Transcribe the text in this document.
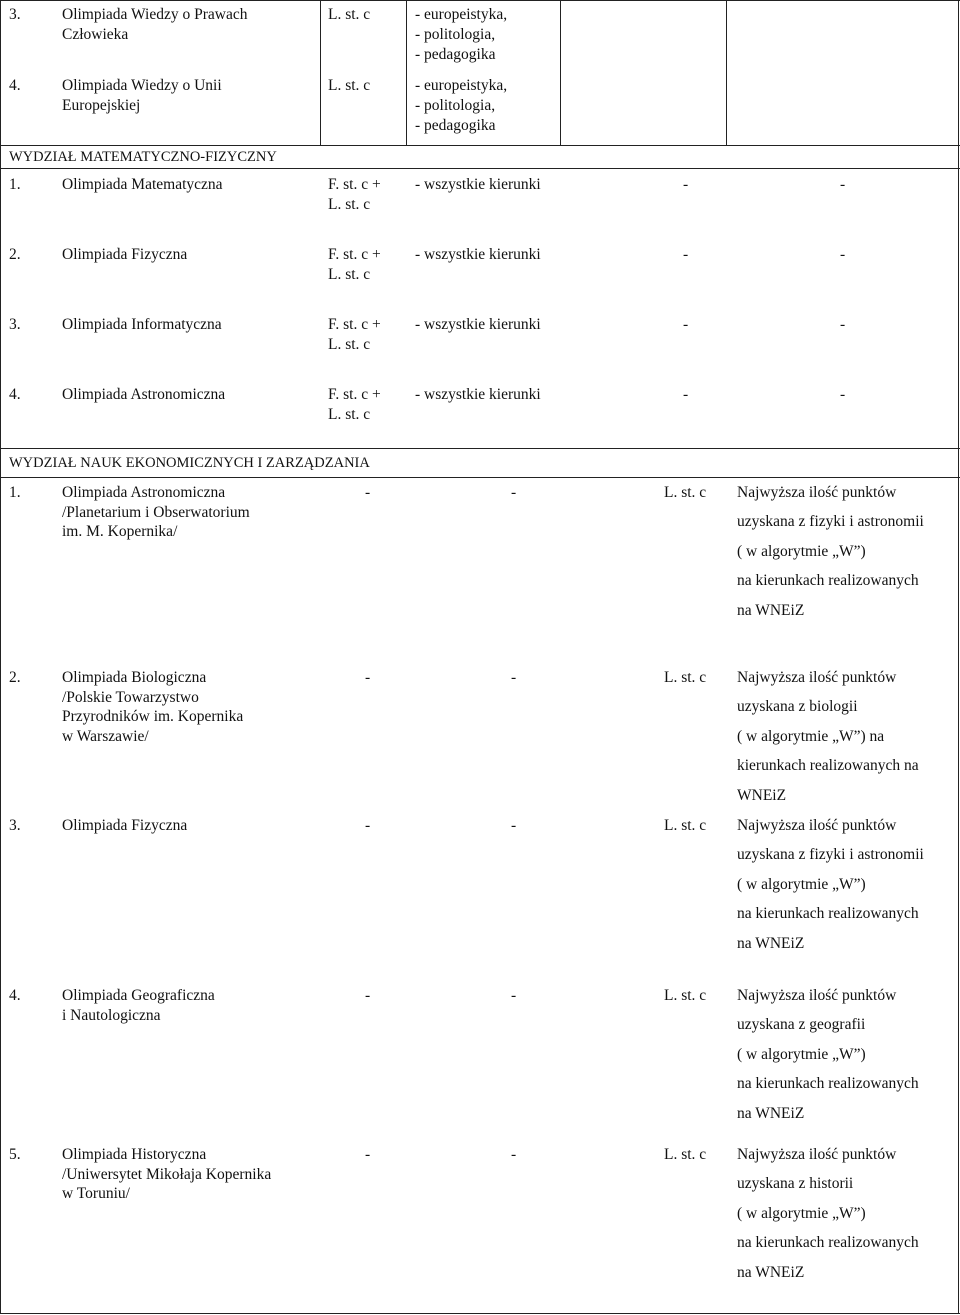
3.	Olimpiada Wiedzy o Prawach
Człowieka
L. st. c	- europeistyka,
- politologia,
- pedagogika
4.	Olimpiada Wiedzy o Unii
Europejskiej
L. st. c	- europeistyka,
- politologia,
- pedagogika
WYDZIAŁ MATEMATYCZNO-FIZYCZNY
1.	Olimpiada Matematyczna	F. st. c +
L. st. c
- wszystkie kierunki	-	-
2.	Olimpiada Fizyczna	F. st. c +
L. st. c
- wszystkie kierunki	-	-
3.	Olimpiada Informatyczna	F. st. c +
L. st. c
- wszystkie kierunki	-	-
4.	Olimpiada Astronomiczna	F. st. c +
L. st. c
- wszystkie kierunki	-	-
WYDZIAŁ NAUK EKONOMICZNYCH I ZARZĄDZANIA
1.	Olimpiada Astronomiczna
/Planetarium i Obserwatorium
im. M. Kopernika/
-	-	L. st. c Najwyższa ilość punktów
uzyskana z fizyki i astronomii
( w algorytmie „W”)
na kierunkach realizowanych
na WNEiZ
2.	Olimpiada Biologiczna
/Polskie Towarzystwo
Przyrodników im. Kopernika
w Warszawie/
-	-	L. st. c Najwyższa ilość punktów
uzyskana z biologii
( w algorytmie „W”) na
kierunkach realizowanych na
WNEiZ
3.	Olimpiada Fizyczna	-	-	L. st. c Najwyższa ilość punktów
uzyskana z fizyki i astronomii
( w algorytmie „W”)
na kierunkach realizowanych
na WNEiZ
4.	Olimpiada Geograficzna
i Nautologiczna
-	-	L. st. c Najwyższa ilość punktów
uzyskana z geografii
( w algorytmie „W”)
na kierunkach realizowanych
na WNEiZ
5.	Olimpiada Historyczna
/Uniwersytet Mikołaja Kopernika
w Toruniu/
-	-	L. st. c Najwyższa ilość punktów
uzyskana z historii
( w algorytmie „W”)
na kierunkach realizowanych
na WNEiZ
